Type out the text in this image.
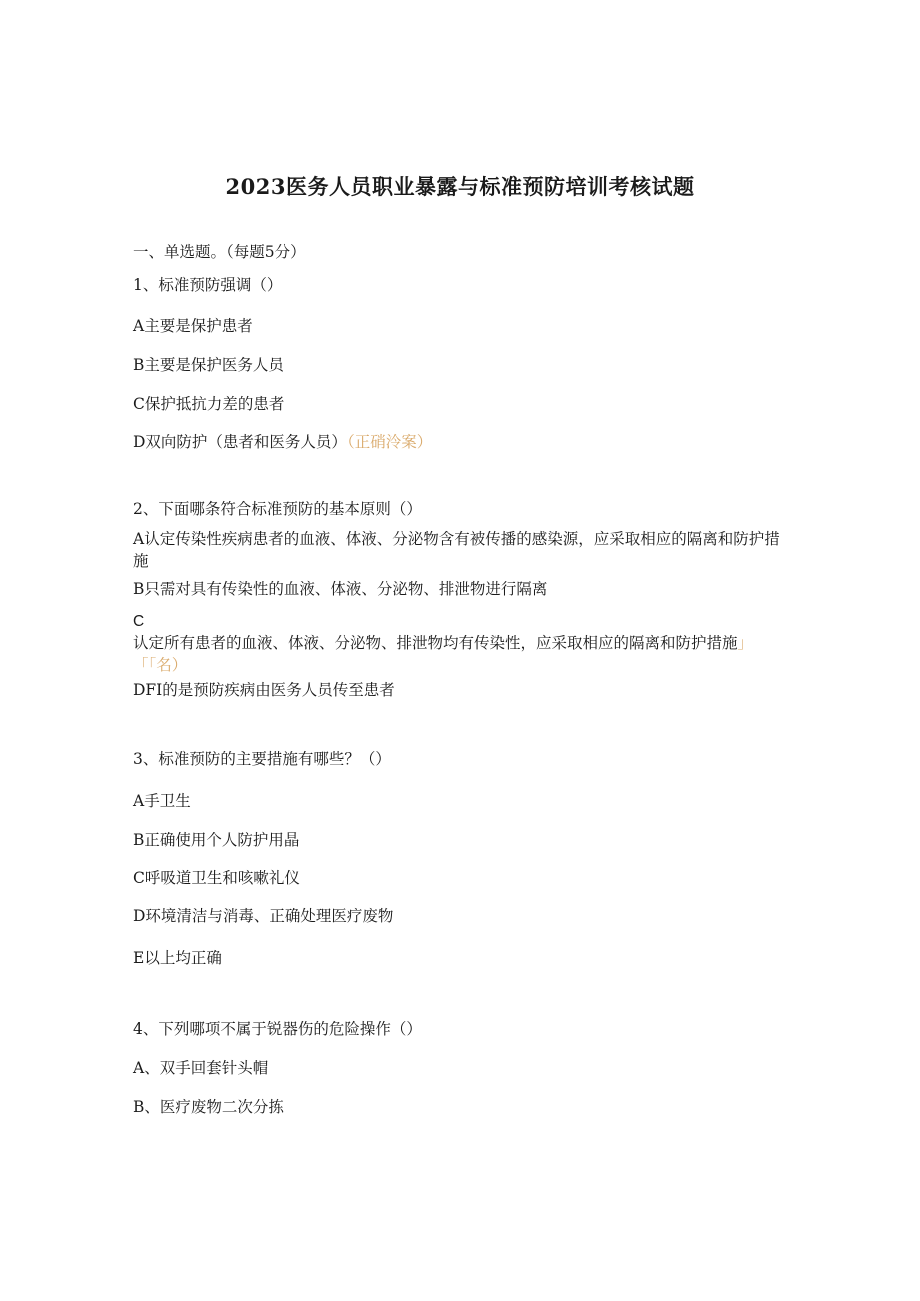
2023医务人员职业暴露与标准预防培训考核试题
一、单选题。（每题5分）
1、标准预防强调（）
A主要是保护患者
B主要是保护医务人员
C保护抵抗力差的患者
D双向防护（患者和医务人员）（正硝泠案）
2、下面哪条符合标准预防的基本原则（）
A认定传染性疾病患者的血液、体液、分泌物含有被传播的感染源，应采取相应的隔离和防护措施
B只需对具有传染性的血液、体液、分泌物、排泄物进行隔离
C
认定所有患者的血液、体液、分泌物、排泄物均有传染性，应采取相应的隔离和防护措施」「「名）
DFI的是预防疾病由医务人员传至患者
3、标准预防的主要措施有哪些？（）
A手卫生
B正确使用个人防护用晶
C呼吸道卫生和咳嗽礼仪
D环境清洁与消毒、正确处理医疗废物
E以上均正确
4、下列哪项不属于锐器伤的危险操作（）
A、双手回套针头帽
B、医疗废物二次分拣
